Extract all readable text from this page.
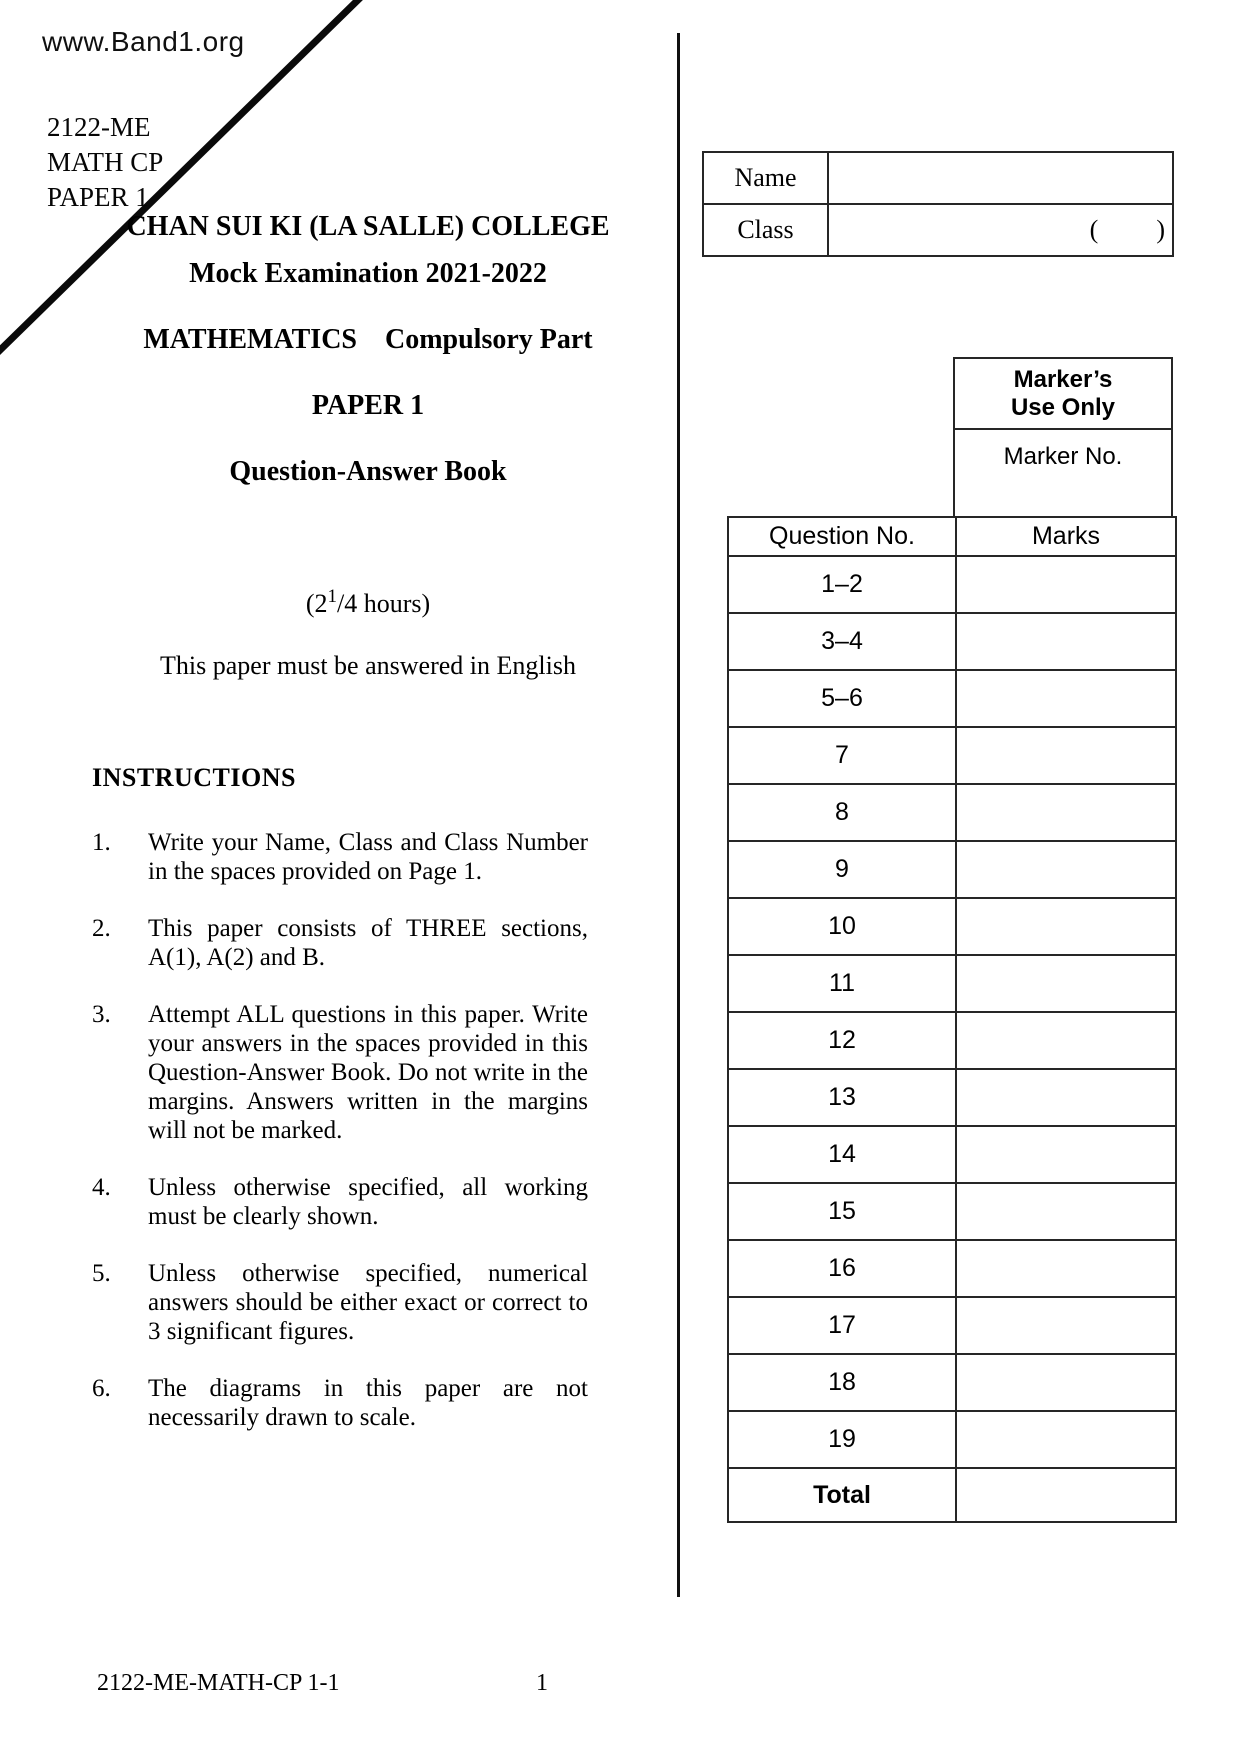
www.Band1.org
2122-ME
MATH CP
PAPER 1
CHAN SUI KI (LA SALLE) COLLEGE
Mock Examination 2021-2022
MATHEMATICS Compulsory Part
PAPER 1
Question-Answer Book
($2^1/4$ hours)
This paper must be answered in English
INSTRUCTIONS
1.	Write your Name, Class and Class Number in the spaces provided on Page 1.
2.	This paper consists of THREE sections, A(1), A(2) and B.
3.	Attempt ALL questions in this paper. Write your answers in the spaces provided in this Question-Answer Book. Do not write in the margins. Answers written in the margins will not be marked.
4.	Unless otherwise specified, all working must be clearly shown.
5.	Unless otherwise specified, numerical answers should be either exact or correct to 3 significant figures.
6.	The diagrams in this paper are not necessarily drawn to scale.
Name
Class	( )
Marker’s
Use Only
Marker No.
Question No.	Marks
1–2
3–4
5–6
7
8
9
10
11
12
13
14
15
16
17
18
19
Total
2122-ME-MATH-CP 1-1	1
